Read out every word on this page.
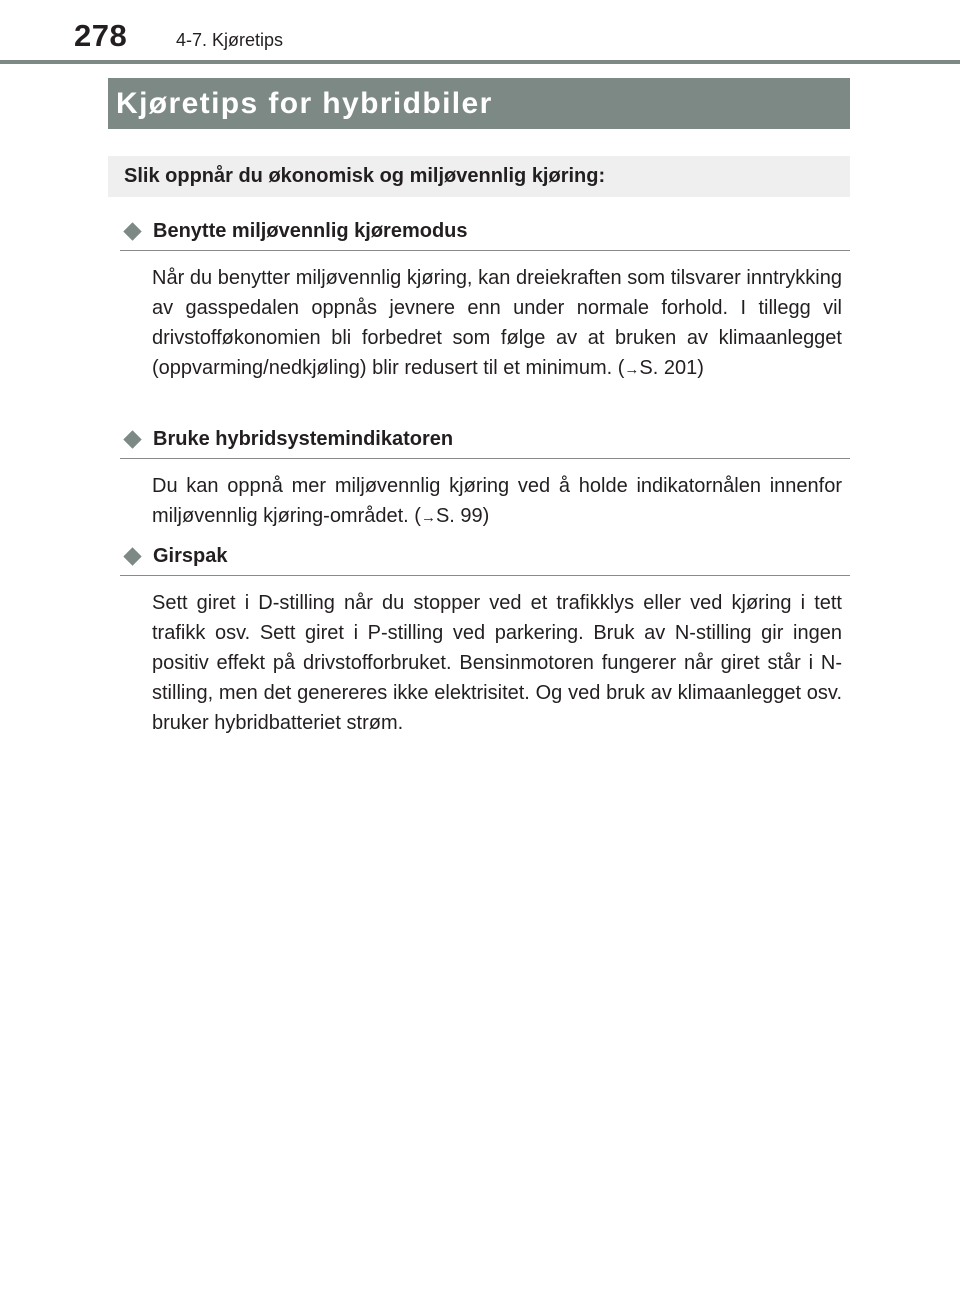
278	4-7. Kjøretips
Kjøretips for hybridbiler
Slik oppnår du økonomisk og miljøvennlig kjøring:
Benytte miljøvennlig kjøremodus
Når du benytter miljøvennlig kjøring, kan dreiekraften som tilsvarer inntrykking av gasspedalen oppnås jevnere enn under normale forhold. I tillegg vil drivstofføkonomien bli forbedret som følge av at bruken av klimaanlegget (oppvarming/nedkjøling) blir redusert til et minimum. (→S. 201)
Bruke hybridsystemindikatoren
Du kan oppnå mer miljøvennlig kjøring ved å holde indikatornålen innenfor miljøvennlig kjøring-området. (→S. 99)
Girspak
Sett giret i D-stilling når du stopper ved et trafikklys eller ved kjøring i tett trafikk osv. Sett giret i P-stilling ved parkering. Bruk av N-stilling gir ingen positiv effekt på drivstofforbruket. Bensinmotoren fungerer når giret står i N-stilling, men det genereres ikke elektrisitet. Og ved bruk av klimaanlegget osv. bruker hybridbatteriet strøm.
